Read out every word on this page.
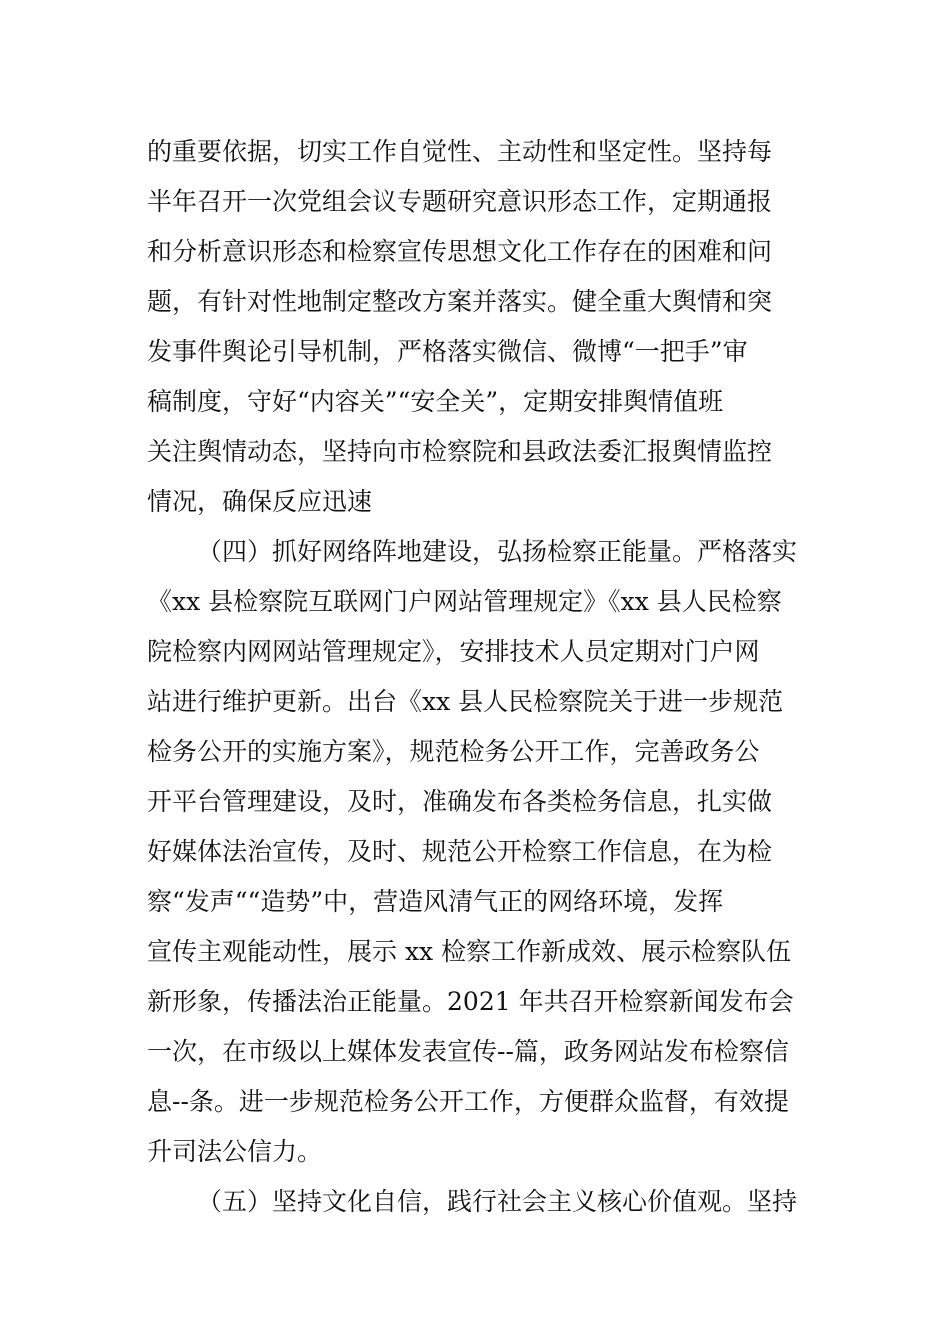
的重要依据，切实工作自觉性、主动性和坚定性。坚持每
半年召开一次党组会议专题研究意识形态工作，定期通报
和分析意识形态和检察宣传思想文化工作存在的困难和问
题，有针对性地制定整改方案并落实。健全重大舆情和突
发事件舆论引导机制，严格落实微信、微博“一把手”审
稿制度，守好“内容关”“安全关”，定期安排舆情值班
关注舆情动态，坚持向市检察院和县政法委汇报舆情监控
情况，确保反应迅速
（四）抓好网络阵地建设，弘扬检察正能量。严格落实
《xx 县检察院互联网门户网站管理规定》《xx 县人民检察
院检察内网网站管理规定》，安排技术人员定期对门户网
站进行维护更新。出台《xx 县人民检察院关于进一步规范
检务公开的实施方案》，规范检务公开工作，完善政务公
开平台管理建设，及时，准确发布各类检务信息，扎实做
好媒体法治宣传，及时、规范公开检察工作信息，在为检
察“发声““造势”中，营造风清气正的网络环境，发挥
宣传主观能动性，展示 xx 检察工作新成效、展示检察队伍
新形象，传播法治正能量。2021 年共召开检察新闻发布会
一次，在市级以上媒体发表宣传--篇，政务网站发布检察信
息--条。进一步规范检务公开工作，方便群众监督，有效提
升司法公信力。
（五）坚持文化自信，践行社会主义核心价值观。坚持
